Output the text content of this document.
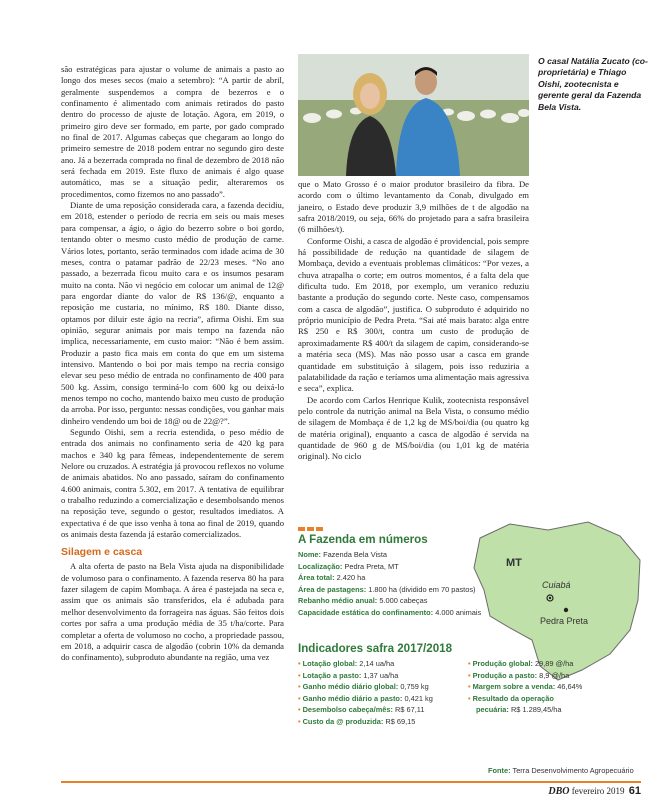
O casal Natália Zucato (co-proprietária) e Thiago Oishi, zootecnista e gerente geral da Fazenda Bela Vista.

são estratégicas para ajustar o volume de animais a pasto ao longo dos meses secos (maio a setembro): “A partir de abril, geralmente suspendemos a compra de bezerros e o confinamento é alimentado com animais retirados do pasto dentro do processo de ajuste de lotação. Agora, em 2019, o primeiro giro deve ser formado, em parte, por gado comprado no final de 2017. Algumas cabeças que chegaram ao longo do primeiro semestre de 2018 podem entrar no segundo giro deste ano. Já a bezerrada comprada no final de dezembro de 2018 não será fechada em 2019. Este fluxo de animais é algo quase automático, mas se a situação pedir, alteraremos os procedimentos, como fizemos no ano passado”.

Diante de uma reposição considerada cara, a fazenda decidiu, em 2018, estender o período de recria em seis ou mais meses para compensar, a ágio, o ágio do bezerro sobre o boi gordo, tentando obter o mesmo custo médio de produção de carne. Vários lotes, portanto, serão terminados com idade acima de 30 meses, contra o patamar padrão de 22/23 meses. “No ano passado, a bezerrada ficou muito cara e os insumos pesaram muito na conta. Não vi negócio em colocar um animal de 12@ para engordar diante do valor de R$ 136/@, enquanto a reposição me custaria, no mínimo, R$ 180. Diante disso, optamos por diluir este ágio na recria”, afirma Oishi. Em sua opinião, segurar animais por mais tempo na fazenda não implica, necessariamente, em custo maior: “Não é bem assim. Produzir a pasto fica mais em conta do que em um sistema intensivo. Mantendo o boi por mais tempo na recria consigo elevar seu peso médio de entrada no confinamento de 400 para 500 kg. Assim, consigo terminá-lo com 600 kg ou deixá-lo menos tempo no cocho, mantendo baixo meu custo de produção da arroba. Por isso, pergunto: nessas condições, vou ganhar mais dinheiro vendendo um boi de 18@ ou de 22@?”.

Segundo Oishi, sem a recria estendida, o peso médio de entrada dos animais no confinamento seria de 420 kg para machos e 340 kg para fêmeas, independentemente de serem Nelore ou cruzados. A estratégia já provocou reflexos no volume de animais abatidos. No ano passado, saíram do confinamento 4.600 animais, contra 5.302, em 2017. A tentativa de equilibrar o trabalho reduzindo a comercialização e desembolsando menos na reposição teve, segundo o gestor, resultados imediatos. A expectativa é de que isso venha à tona ao final de 2019, quando os animais desta fazenda já estarão comercializados.

Silagem e casca

A alta oferta de pasto na Bela Vista ajuda na disponibilidade de volumoso para o confinamento. A fazenda reserva 80 ha para fazer silagem de capim Mombaça. A área é pastejada na seca e, assim que os animais são transferidos, ela é adubada para melhor desenvolvimento da forrageira nas águas. São feitos dois cortes por safra a uma produção média de 35 t/ha/corte. Para completar a oferta de volumoso no cocho, a propriedade passou, em 2018, a adquirir casca de algodão (cobrin 10% da demanda do confinamento), subproduto abundante na região, uma vez

que o Mato Grosso é o maior produtor brasileiro da fibra. De acordo com o último levantamento da Conab, divulgado em janeiro, o Estado deve produzir 3,9 milhões de t de algodão na safra 2018/2019, ou seja, 66% do projetado para a safra brasileira (6 milhões/t).

Conforme Oishi, a casca de algodão é providencial, pois sempre há possibilidade de redução na quantidade de silagem de Mombaça, devido a eventuais problemas climáticos: “Por vezes, a chuva atrapalha o corte; em outros momentos, é a falta dela que dificulta tudo. Em 2018, por exemplo, um veranico reduziu bastante a produção do segundo corte. Neste caso, compensamos com a casca de algodão”, justifica. O subproduto é adquirido no próprio município de Pedra Preta. “Sai até mais barato: alga entre R$ 250 e R$ 300/t, contra um custo de produção de aproximadamente R$ 400/t da silagem de capim, considerando-se a matéria seca (MS). Mas não posso usar a casca em grande quantidade em substituição à silagem, pois isso reduziria a palatabilidade da ração e teríamos uma alimentação mais agressiva e seca”, explica.

De acordo com Carlos Henrique Kulik, zootecnista responsável pelo controle da nutrição animal na Bela Vista, o consumo médio de silagem de Mombaça é de 1,2 kg de MS/boi/dia (ou quatro kg de matéria original), enquanto a casca de algodão é servida na quantidade de 960 g de MS/boi/dia (ou 1,01 kg de matéria original). No ciclo

MT
Cuiabá
Pedra Preta
A Fazenda em números
Nome: Fazenda Bela Vista
Localização: Pedra Preta, MT
Área total: 2.420 ha
Área de pastagens: 1.800 ha (dividido em 70 pastos)
Rebanho médio anual: 5.000 cabeças
Capacidade estática do confinamento: 4.000 animais
Indicadores safra 2017/2018
• Lotação global: 2,14 ua/ha
• Lotação a pasto: 1,37 ua/ha
• Ganho médio diário global: 0,759 kg
• Ganho médio diário a pasto: 0,421 kg
• Desembolso cabeça/mês: R$ 67,11
• Custo da @ produzida: R$ 69,15
• Produção global: 29,89 @/ha
• Produção a pasto: 8,9 @/ha
• Margem sobre a venda: 46,64%
• Resultado da operação
pecuária: R$ 1.289,45/ha
Fonte: Terra Desenvolvimento Agropecuário
DBO fevereiro 2019 61
